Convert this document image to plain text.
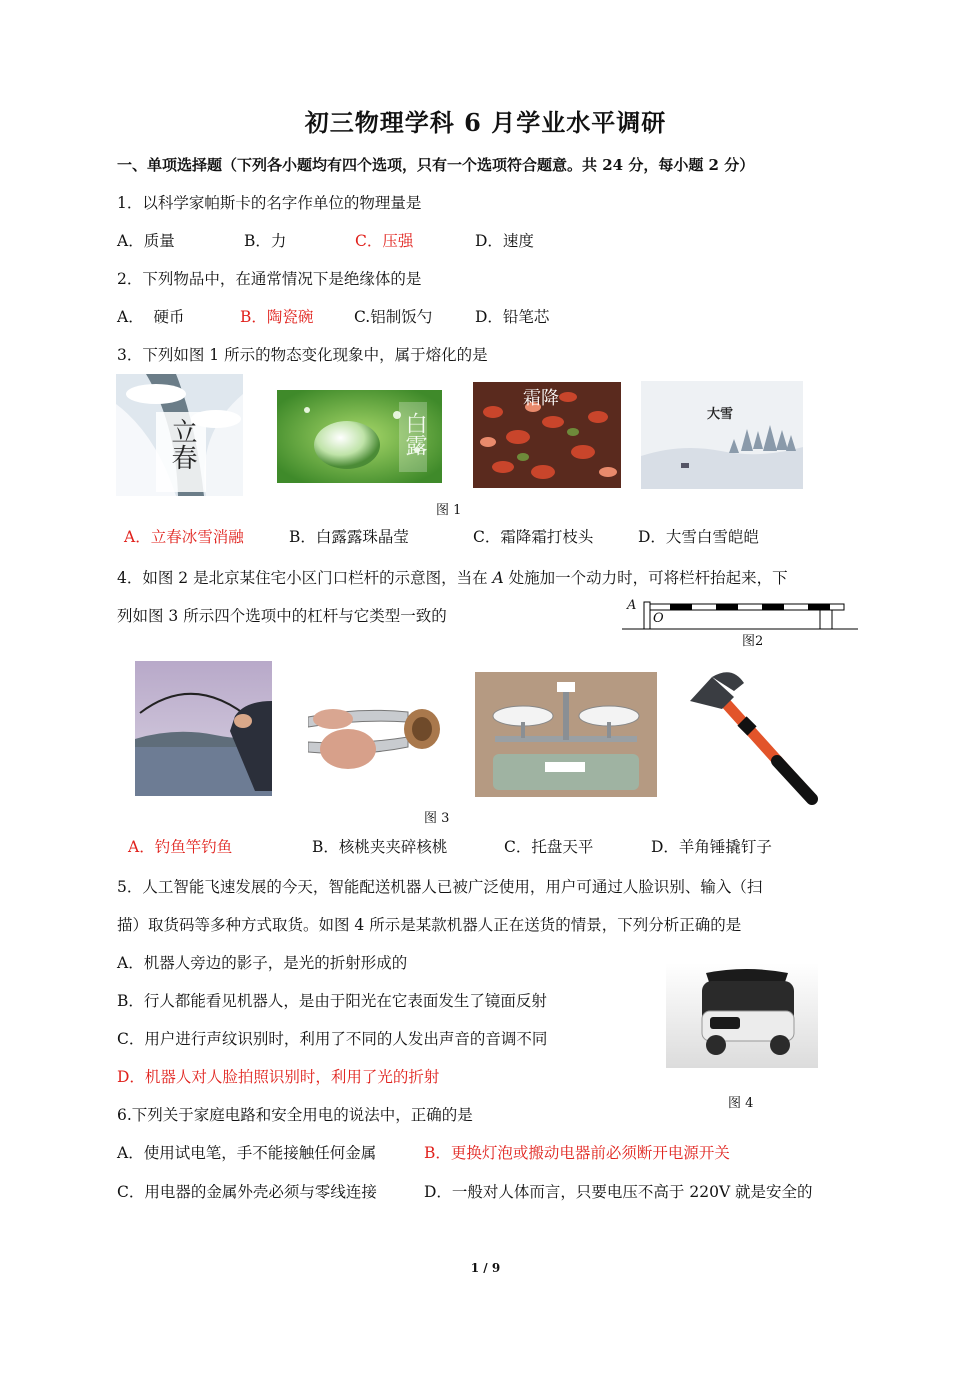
初三物理学科 6 月学业水平调研
一、单项选择题（下列各小题均有四个选项，只有一个选项符合题意。共 24 分，每小题 2 分）
1．以科学家帕斯卡的名字作单位的物理量是
A．质量	B．力	C．压强	D．速度
2．下列物品中，在通常情况下是绝缘体的是
A．  硬币	B．陶瓷碗	C.铝制饭勺	D．铅笔芯
3．下列如图 1 所示的物态变化现象中，属于熔化的是
立春	白露
霜降
大雪
图 1
A．立春冰雪消融	B．白露露珠晶莹	C．霜降霜打枝头	D．大雪白雪皑皑
4．如图 2 是北京某住宅小区门口栏杆的示意图，当在 A 处施加一个动力时，可将栏杆抬起来，下
列如图 3 所示四个选项中的杠杆与它类型一致的
A
O
图2
图 3
A．钓鱼竿钓鱼	B．核桃夹夹碎核桃	C．托盘天平	D．羊角锤撬钉子
5．人工智能飞速发展的今天，智能配送机器人已被广泛使用，用户可通过人脸识别、输入（扫
描）取货码等多种方式取货。如图 4 所示是某款机器人正在送货的情景，下列分析正确的是
A．机器人旁边的影子，是光的折射形成的
B．行人都能看见机器人，是由于阳光在它表面发生了镜面反射
C．用户进行声纹识别时，利用了不同的人发出声音的音调不同
D．机器人对人脸拍照识别时，利用了光的折射
图 4
6.下列关于家庭电路和安全用电的说法中，正确的是
A．使用试电笔，手不能接触任何金属	B．更换灯泡或搬动电器前必须断开电源开关
C．用电器的金属外壳必须与零线连接	D．一般对人体而言，只要电压不高于 220V 就是安全的
1 / 9
